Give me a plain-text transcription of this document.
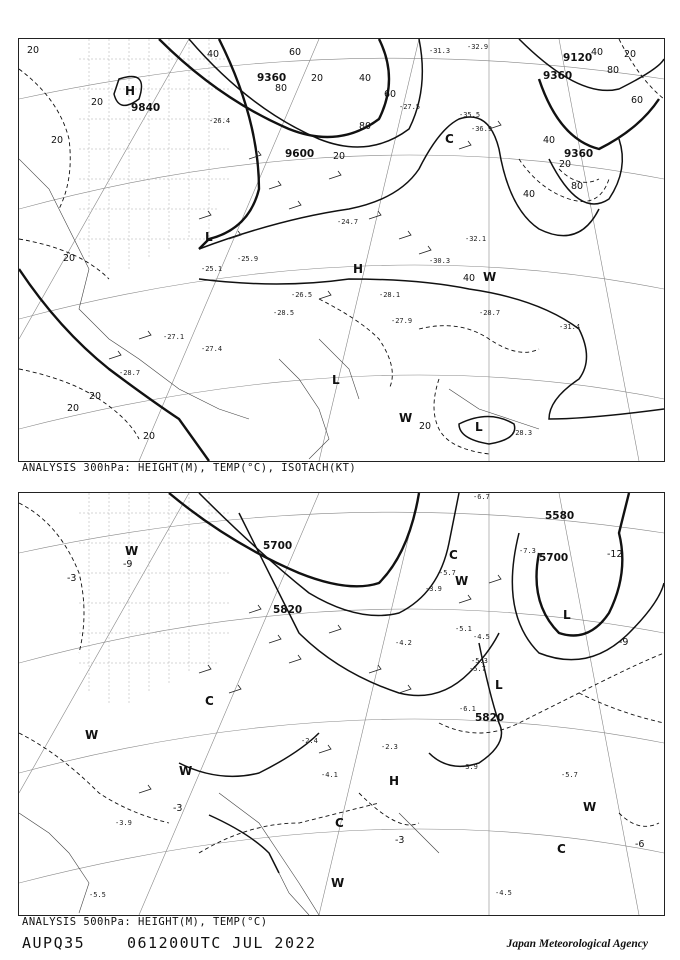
9840
9360
9600
9120
9360
9360
20	40	60
80
20	40
60
80
20
80
40 20
60
40
80
40
20
20
20
20
20
20
20
20
40
H
H
L
L
L
W
W
C
-35.5
-36.9
-32.9
-31.3
-27.5
-26.4
-25.9
-24.7
-28.1
-27.9
-28.7
-31.4
-28.3
-32.1
-30.3
-28.5
-26.5
-27.4
-27.1
-28.7
-25.1
ANALYSIS 300hPa: HEIGHT(M), TEMP(°C), ISOTACH(KT)
5700
5820
5580
5700
5820
-9
-12
-9
-3
-3
-6
-3
W	C
W
C
W
H
L
L
C
W
C
W
W
-5.7
-4.5
-3.9
-5.1
-5.7
-6.1
-3.9
-2.3
-4.1
-4.2
-5.3
-5.7
-7.3
-4.5
-6.7
-5.5
-3.9
-2.4
ANALYSIS 500hPa: HEIGHT(M), TEMP(°C)
AUPQ35	061200UTC JUL 2022	Japan Meteorological Agency
